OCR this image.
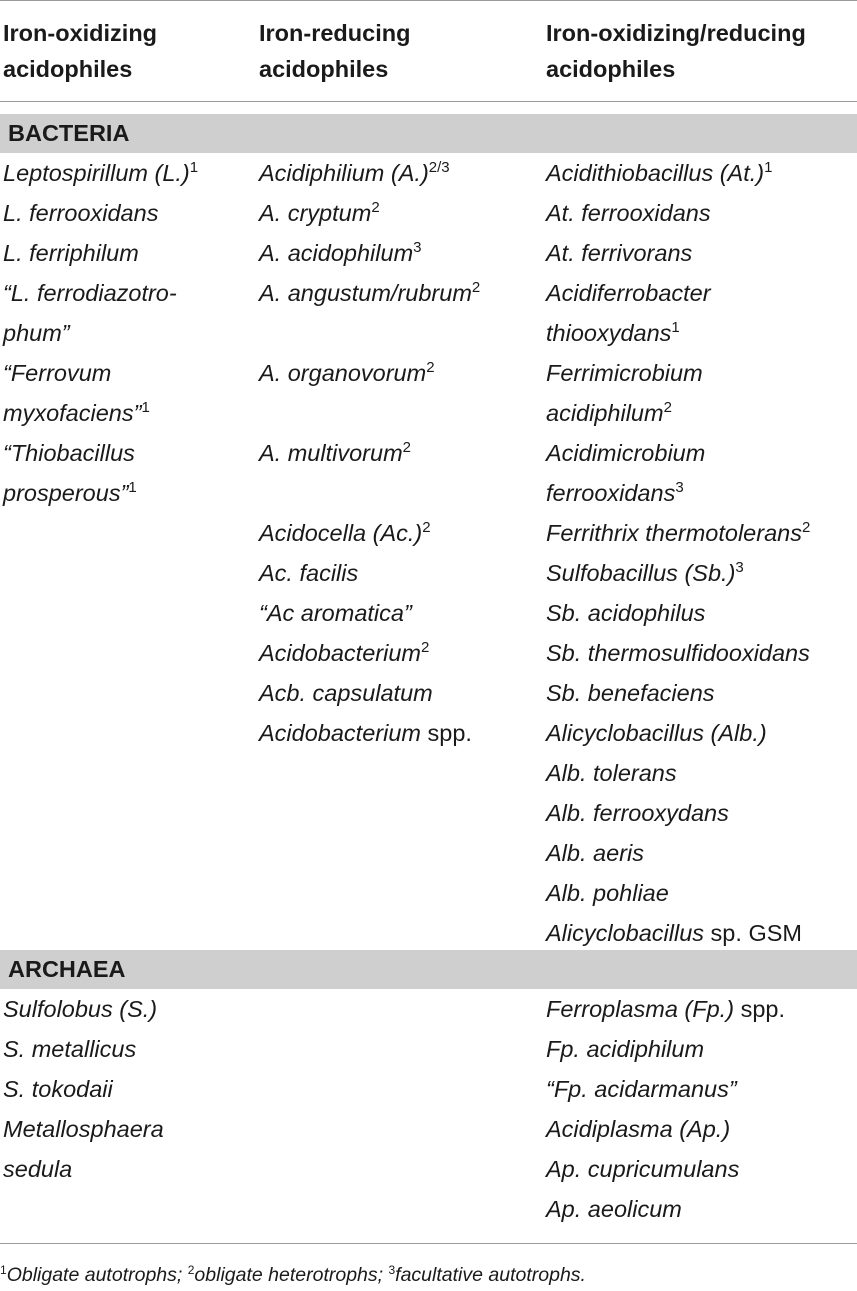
Iron-oxidizing
acidophiles
Iron-reducing
acidophiles
Iron-oxidizing/reducing
acidophiles
BACTERIA
Leptospirillum $(L.)^1$
L. ferrooxidans
L. ferriphilum
“L. ferrodiazotro-
phum”
“Ferrovum
myxofaciens”$^1$
“Thiobacillus
prosperous”$^1$
Acidiphilium $(A.)^{2/3}$
A. cryptum$^2$
A. acidophilum$^3$
A. angustum/rubrum$^2$
A. organovorum$^2$
A. multivorum$^2$
Acidocella $(Ac.)^2$
Ac. facilis
“Ac aromatica”
Acidobacterium$^2$
Acb. capsulatum
Acidobacterium spp.
Acidithiobacillus $(At.)^1$
At. ferrooxidans
At. ferrivorans
Acidiferrobacter
thiooxydans$^1$
Ferrimicrobium
acidiphilum$^2$
Acidimicrobium
ferrooxidans$^3$
Ferrithrix thermotolerans$^2$
Sulfobacillus $(Sb.)^3$
Sb. acidophilus
Sb. thermosulfidooxidans
Sb. benefaciens
Alicyclobacillus (Alb.)
Alb. tolerans
Alb. ferrooxydans
Alb. aeris
Alb. pohliae
Alicyclobacillus sp. GSM
ARCHAEA
Sulfolobus (S.)
S. metallicus
S. tokodaii
Metallosphaera
sedula
Ferroplasma (Fp.) spp.
Fp. acidiphilum
“Fp. acidarmanus”
Acidiplasma (Ap.)
Ap. cupricumulans
Ap. aeolicum
$^1$Obligate autotrophs; $^2$obligate heterotrophs; $^3$facultative autotrophs.
